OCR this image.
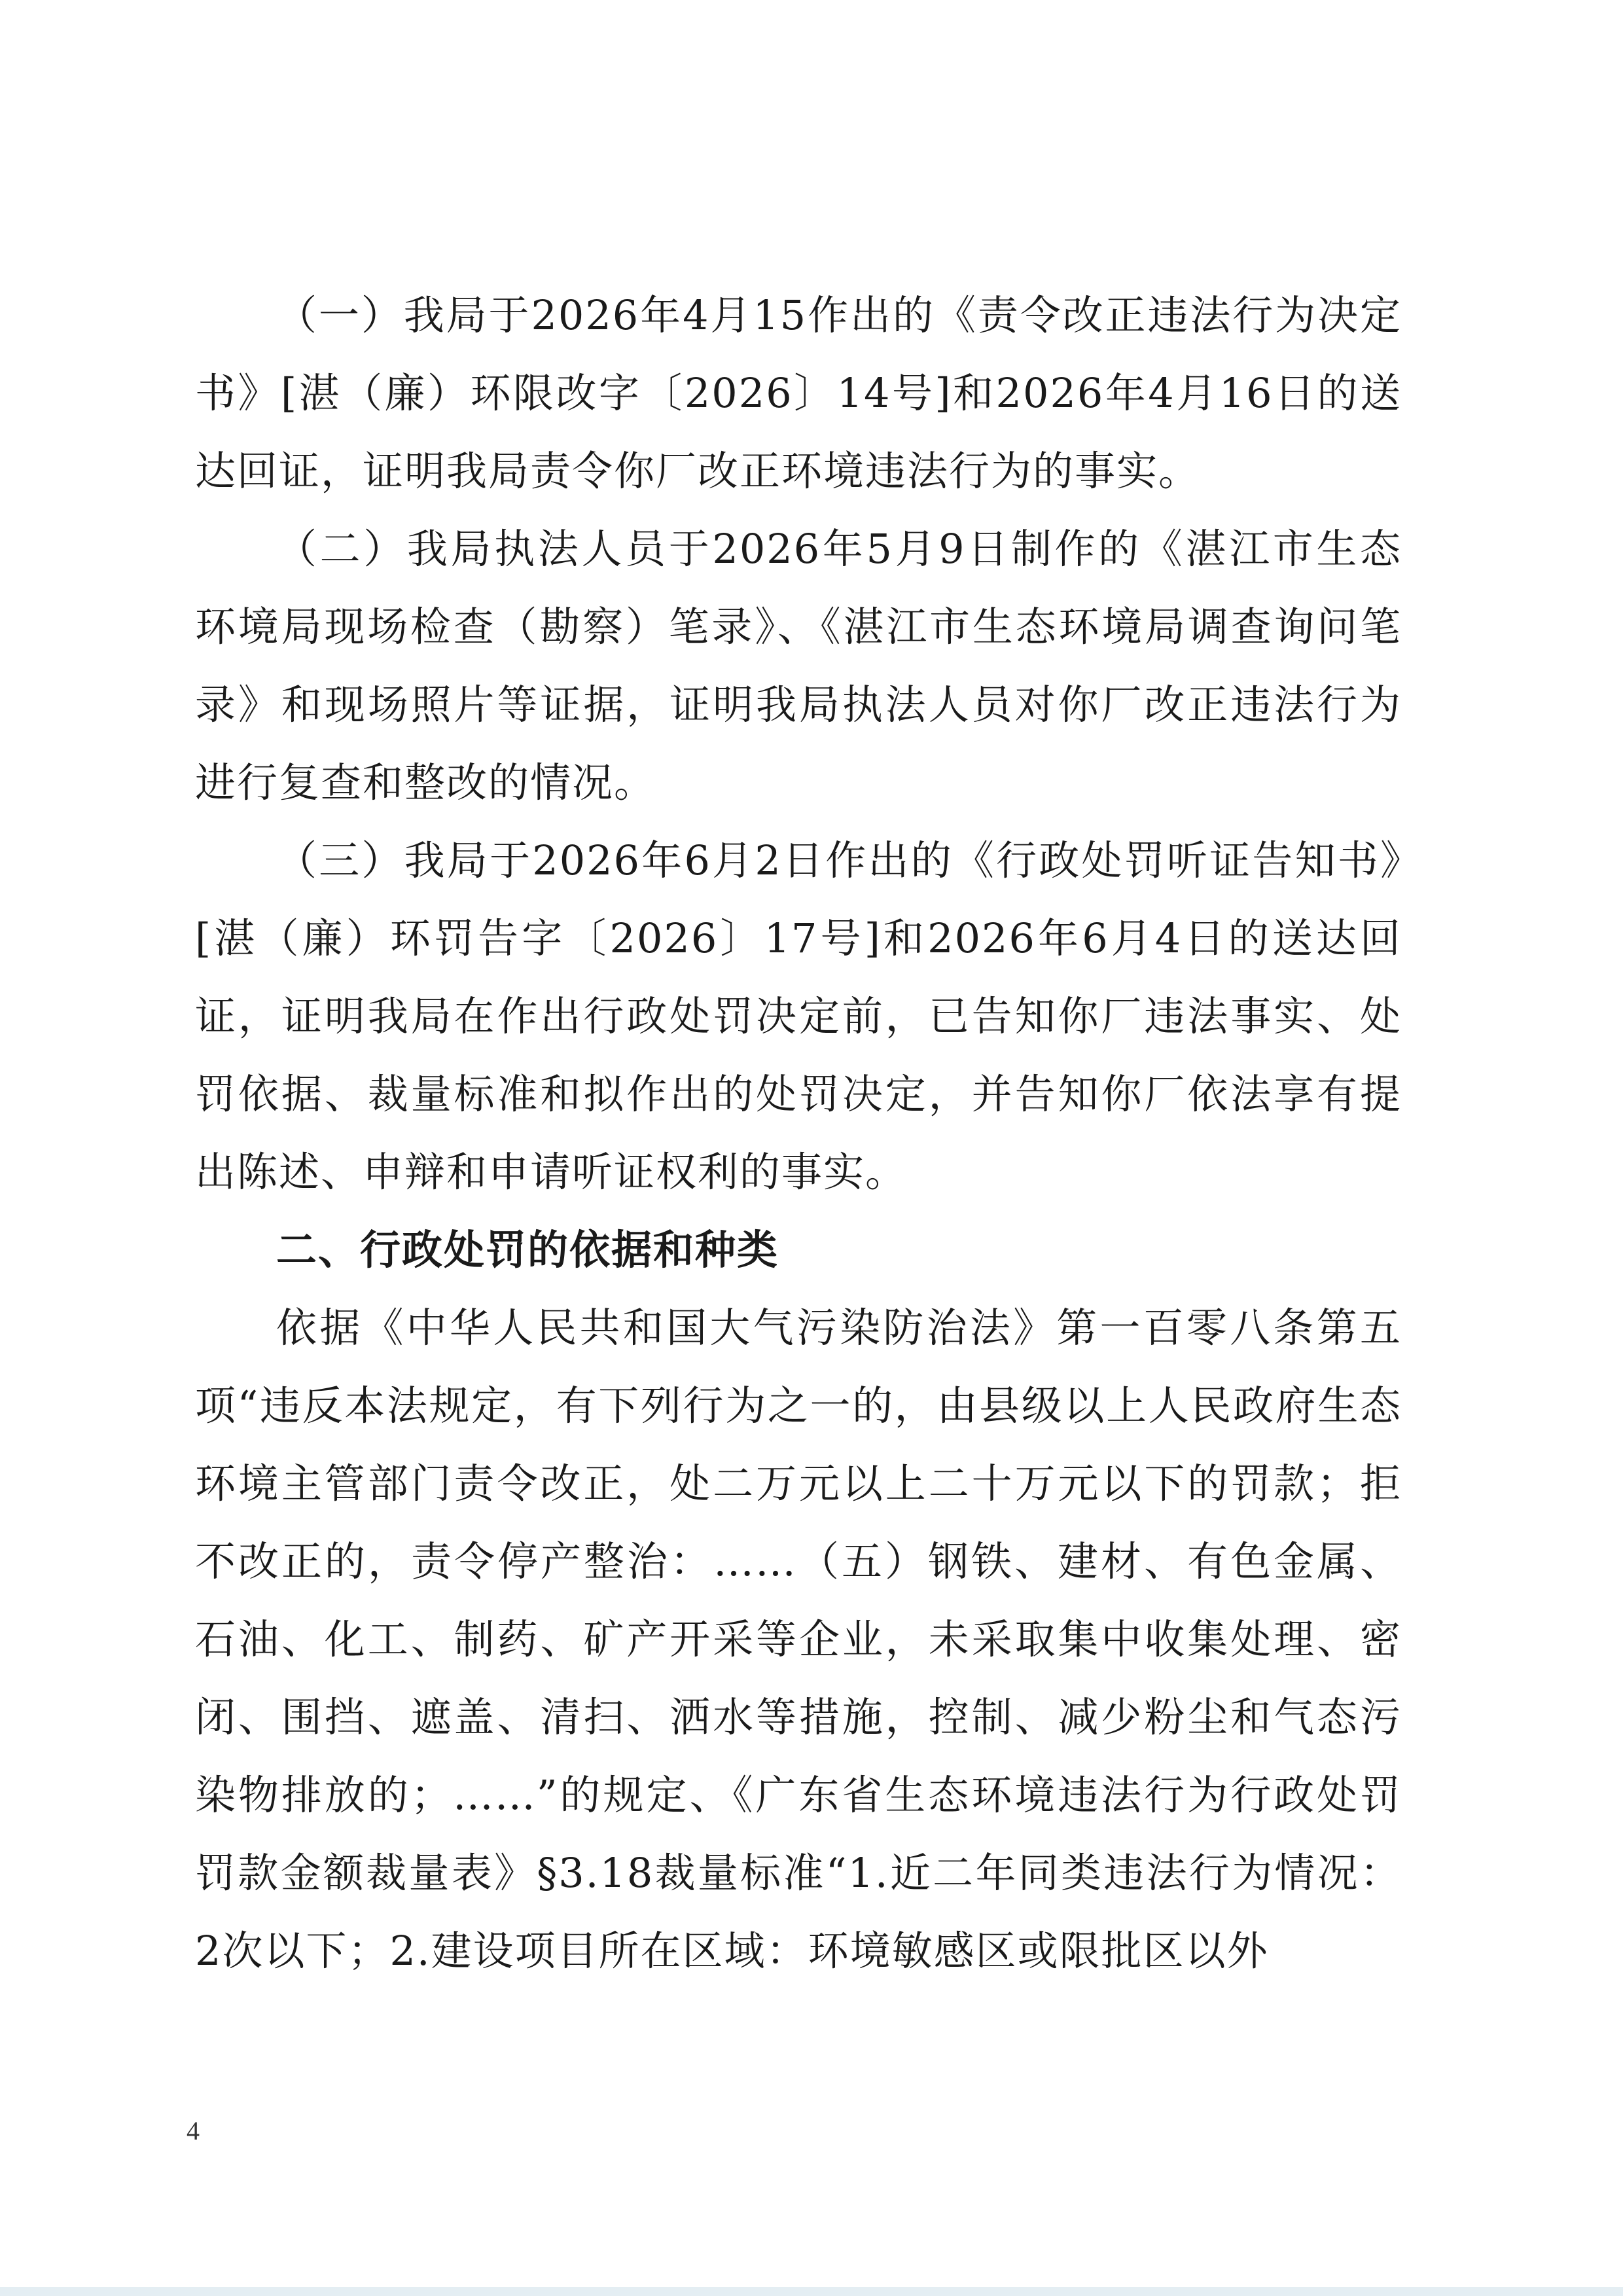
（一）我局于2026年4月15作出的《责令改正违法行为决定书》[湛（廉）环限改字〔2026〕14号]和2026年4月16日的送达回证，证明我局责令你厂改正环境违法行为的事实。

（二）我局执法人员于2026年5月9日制作的《湛江市生态环境局现场检查（勘察）笔录》、《湛江市生态环境局调查询问笔录》和现场照片等证据，证明我局执法人员对你厂改正违法行为进行复查和整改的情况。

（三）我局于2026年6月2日作出的《行政处罚听证告知书》[湛（廉）环罚告字〔2026〕17号]和2026年6月4日的送达回证，证明我局在作出行政处罚决定前，已告知你厂违法事实、处罚依据、裁量标准和拟作出的处罚决定，并告知你厂依法享有提出陈述、申辩和申请听证权利的事实。

二、行政处罚的依据和种类

依据《中华人民共和国大气污染防治法》第一百零八条第五项“违反本法规定，有下列行为之一的，由县级以上人民政府生态环境主管部门责令改正，处二万元以上二十万元以下的罚款；拒不改正的，责令停产整治：……（五）钢铁、建材、有色金属、石油、化工、制药、矿产开采等企业，未采取集中收集处理、密闭、围挡、遮盖、清扫、洒水等措施，控制、减少粉尘和气态污染物排放的；……”的规定、《广东省生态环境违法行为行政处罚罚款金额裁量表》§3.18裁量标准“1.近二年同类违法行为情况：2次以下；2.建设项目所在区域：环境敏感区或限批区以外

4
